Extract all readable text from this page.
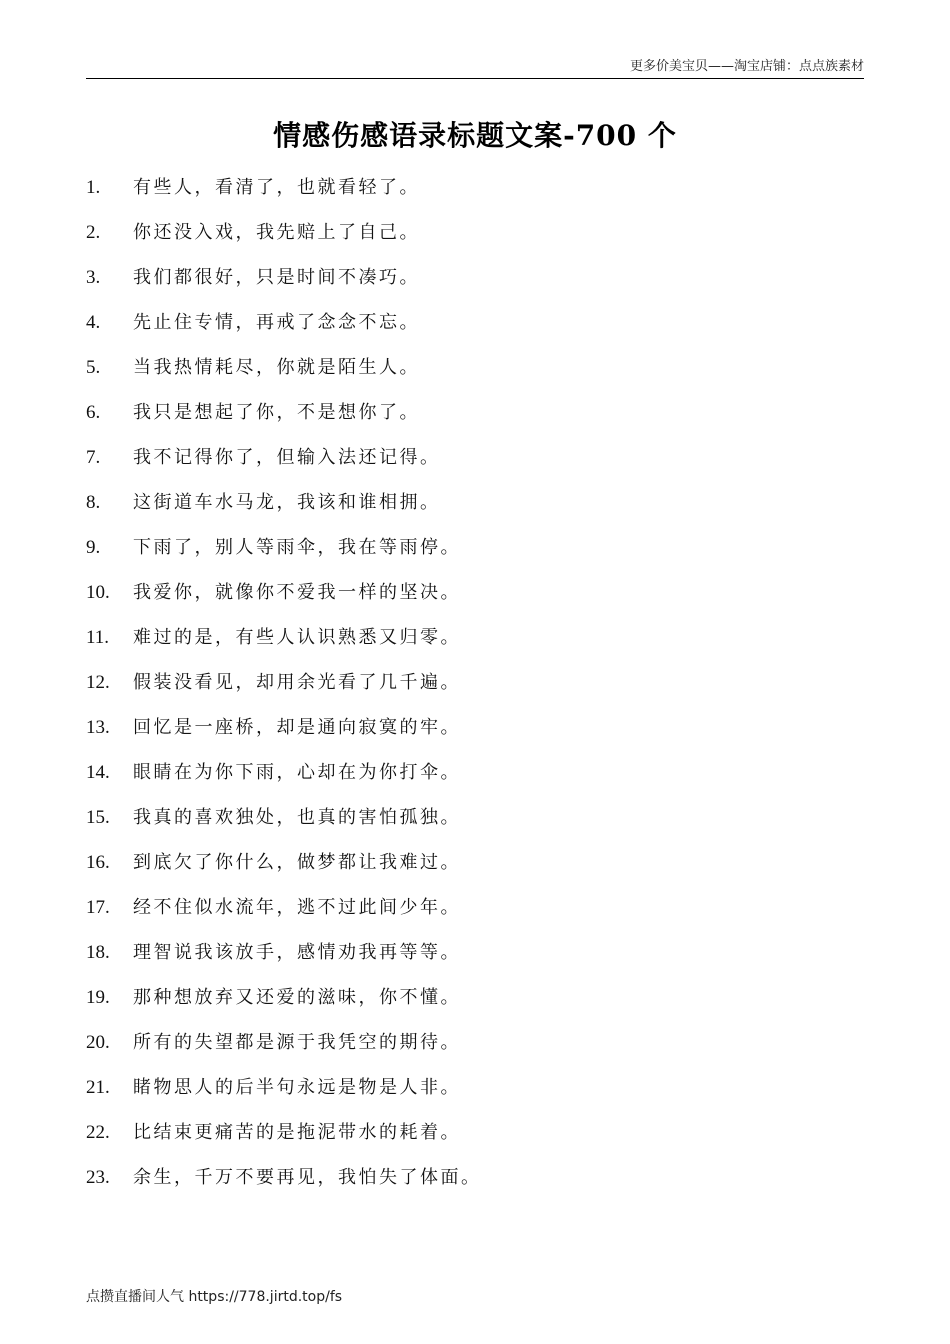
更多价美宝贝——淘宝店铺：点点族素材
情感伤感语录标题文案-700 个
1.	有些人，看清了，也就看轻了。
2.	你还没入戏，我先赔上了自己。
3.	我们都很好，只是时间不凑巧。
4.	先止住专情，再戒了念念不忘。
5.	当我热情耗尽，你就是陌生人。
6.	我只是想起了你，不是想你了。
7.	我不记得你了，但输入法还记得。
8.	这街道车水马龙，我该和谁相拥。
9.	下雨了，别人等雨伞，我在等雨停。
10.	我爱你，就像你不爱我一样的坚决。
11.	难过的是，有些人认识熟悉又归零。
12.	假装没看见，却用余光看了几千遍。
13.	回忆是一座桥，却是通向寂寞的牢。
14.	眼睛在为你下雨，心却在为你打伞。
15.	我真的喜欢独处，也真的害怕孤独。
16.	到底欠了你什么，做梦都让我难过。
17.	经不住似水流年，逃不过此间少年。
18.	理智说我该放手，感情劝我再等等。
19.	那种想放弃又还爱的滋味，你不懂。
20.	所有的失望都是源于我凭空的期待。
21.	睹物思人的后半句永远是物是人非。
22.	比结束更痛苦的是拖泥带水的耗着。
23.	余生，千万不要再见，我怕失了体面。
点攒直播间人气 https://778.jirtd.top/fs
